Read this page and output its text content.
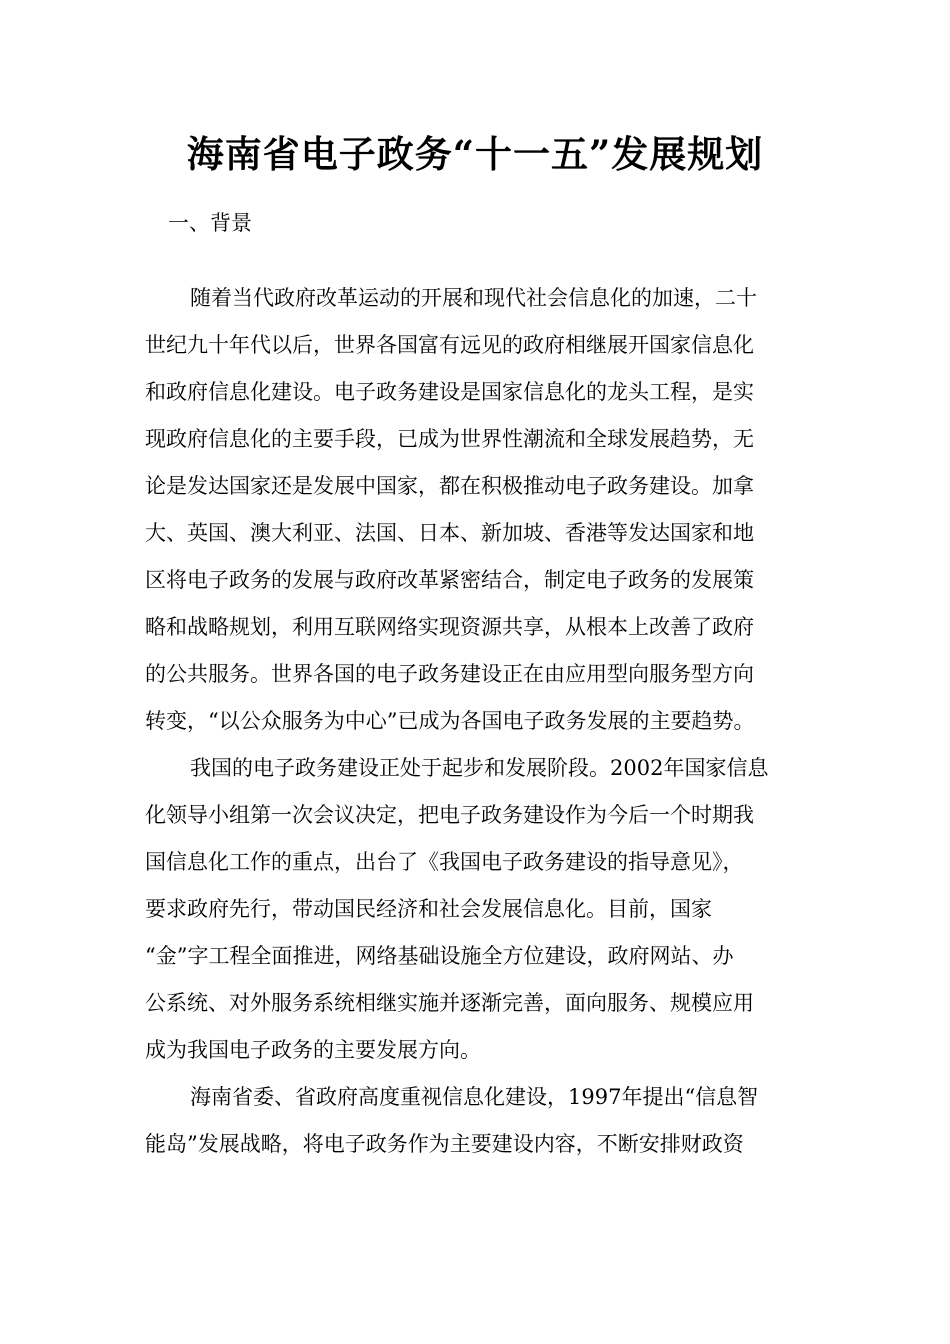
海南省电子政务“十一五”发展规划
一、背景

随着当代政府改革运动的开展和现代社会信息化的加速，二十

世纪九十年代以后，世界各国富有远见的政府相继展开国家信息化

和政府信息化建设。电子政务建设是国家信息化的龙头工程，是实

现政府信息化的主要手段，已成为世界性潮流和全球发展趋势，无

论是发达国家还是发展中国家，都在积极推动电子政务建设。加拿

大、英国、澳大利亚、法国、日本、新加坡、香港等发达国家和地

区将电子政务的发展与政府改革紧密结合，制定电子政务的发展策

略和战略规划，利用互联网络实现资源共享，从根本上改善了政府

的公共服务。世界各国的电子政务建设正在由应用型向服务型方向

转变，“以公众服务为中心”已成为各国电子政务发展的主要趋势。

我国的电子政务建设正处于起步和发展阶段。2002年国家信息

化领导小组第一次会议决定，把电子政务建设作为今后一个时期我

国信息化工作的重点，出台了《我国电子政务建设的指导意见》，

要求政府先行，带动国民经济和社会发展信息化。目前，国家

“金”字工程全面推进，网络基础设施全方位建设，政府网站、办

公系统、对外服务系统相继实施并逐渐完善，面向服务、规模应用

成为我国电子政务的主要发展方向。

海南省委、省政府高度重视信息化建设，1997年提出“信息智

能岛”发展战略，将电子政务作为主要建设内容，不断安排财政资
